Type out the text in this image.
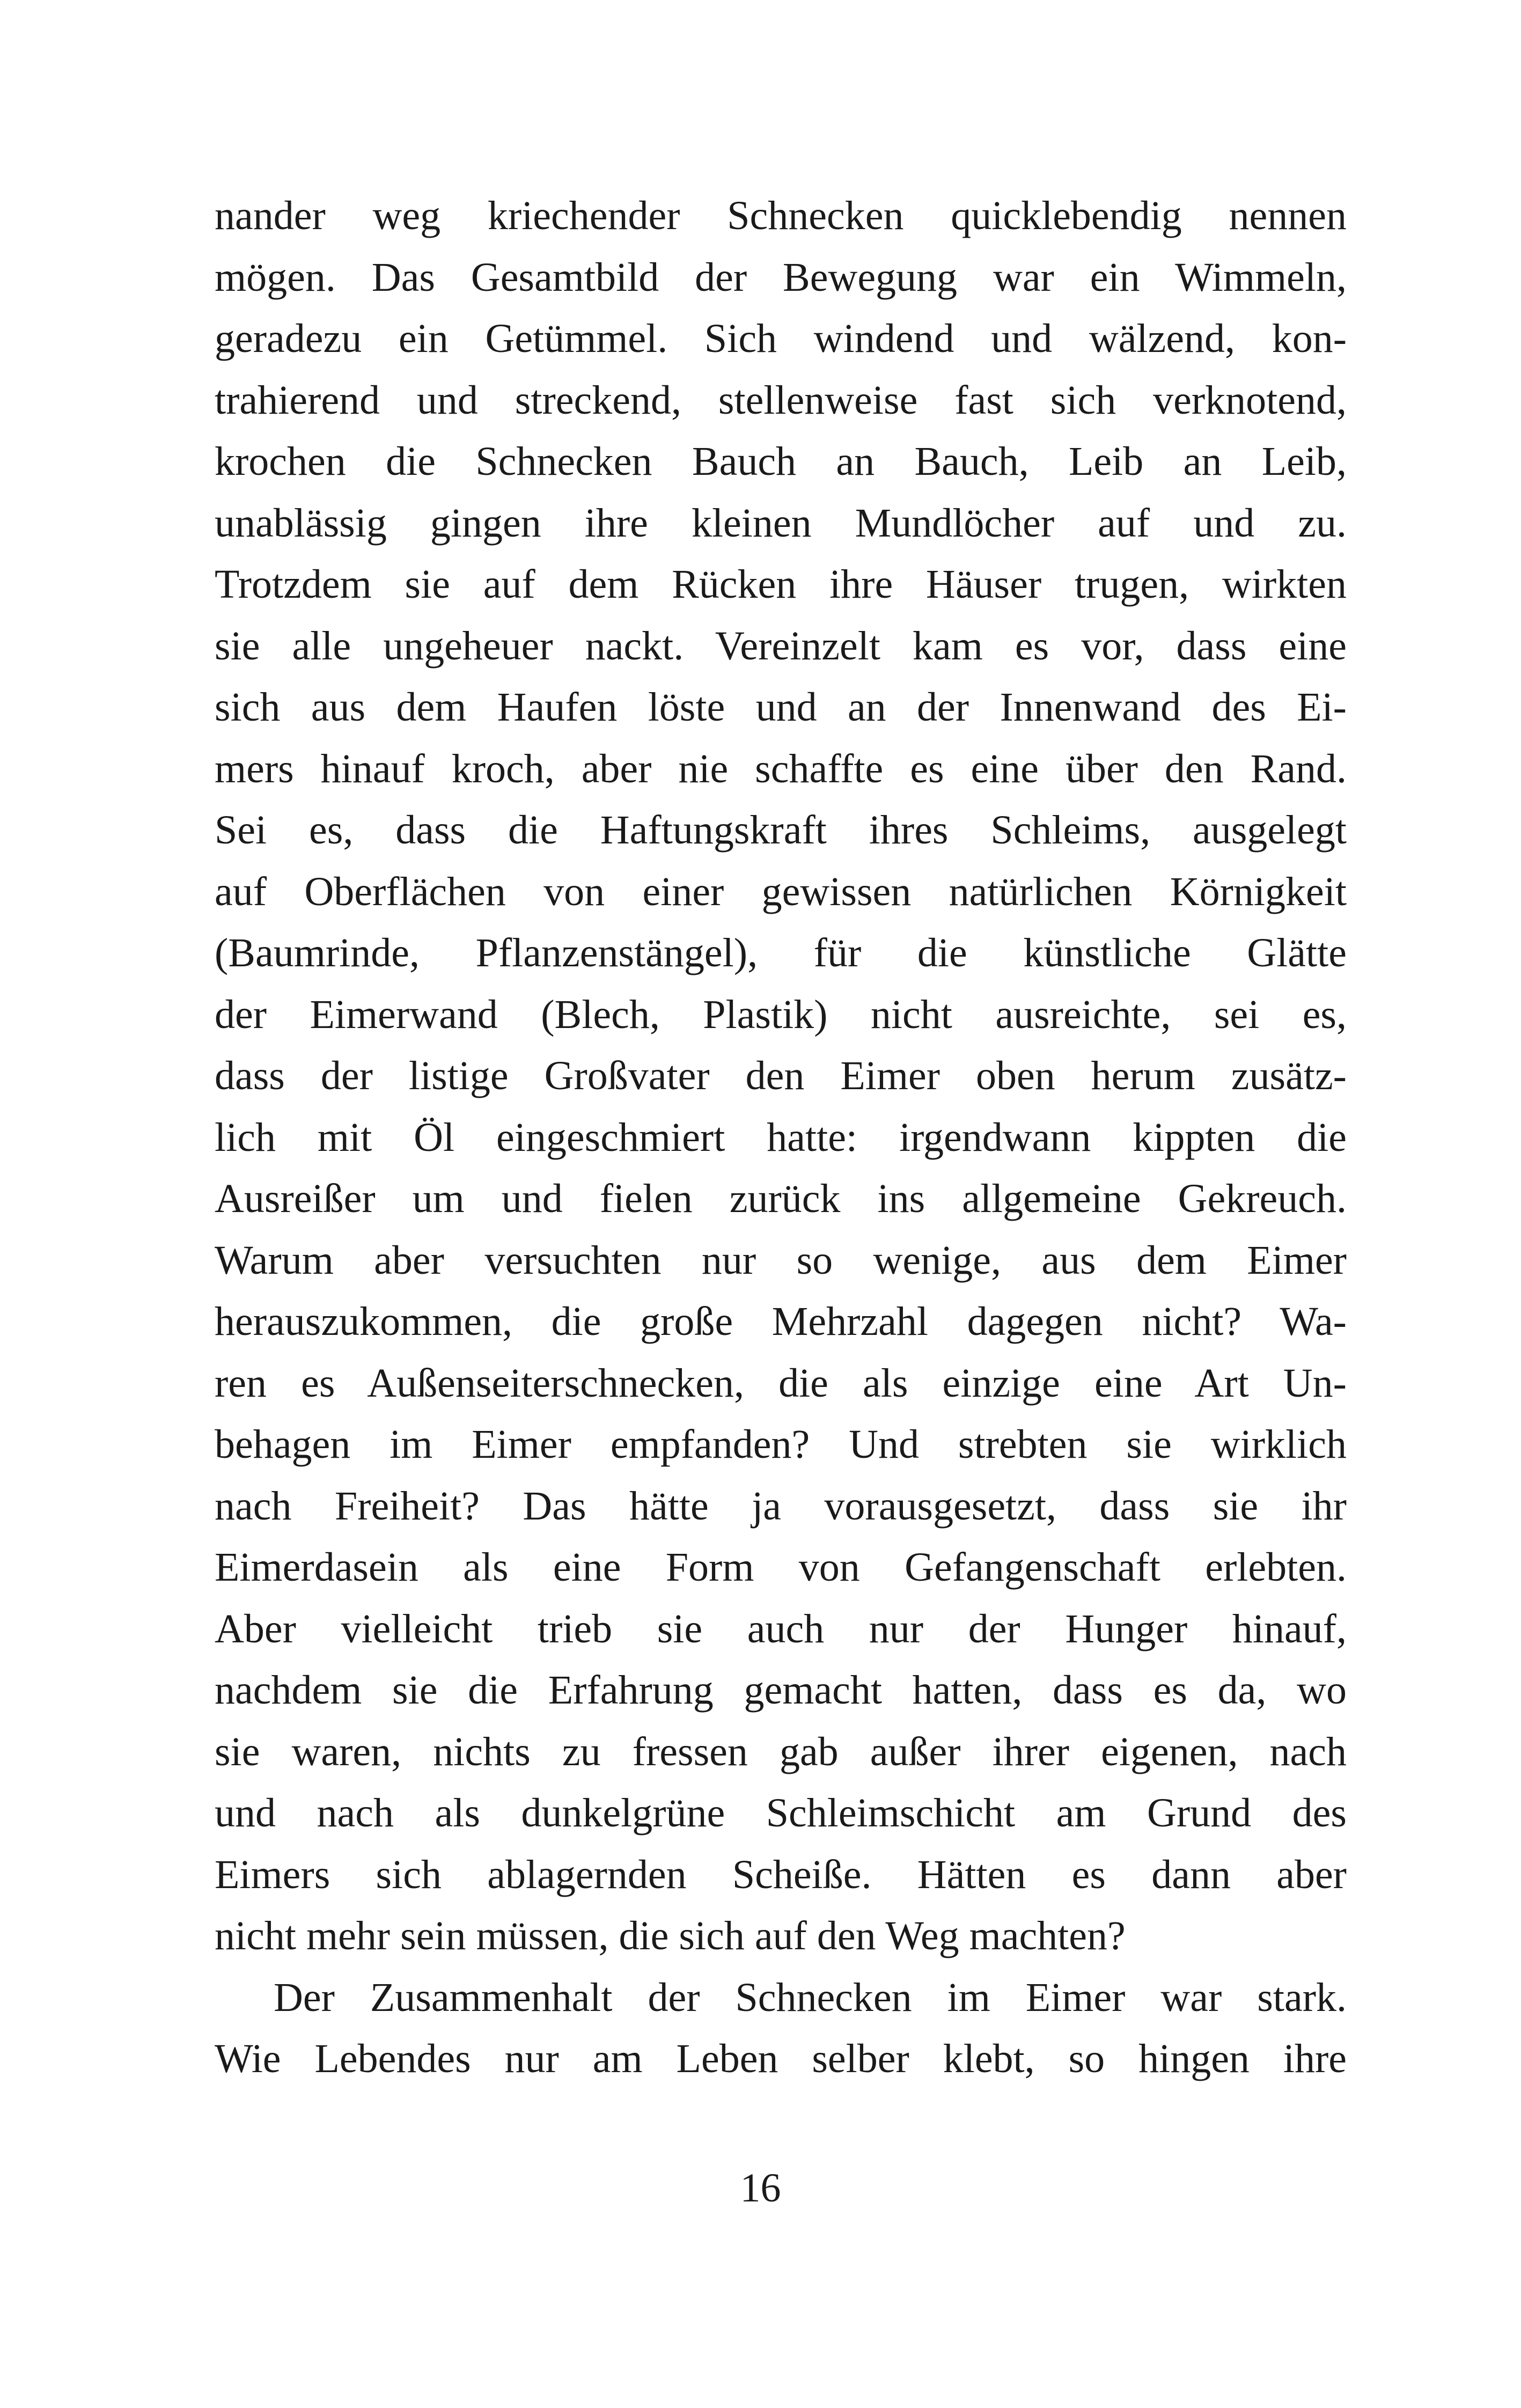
nander weg kriechender Schnecken quicklebendig nennen
mögen. Das Gesamtbild der Bewegung war ein Wimmeln,
geradezu ein Getümmel. Sich windend und wälzend, kon-
trahierend und streckend, stellenweise fast sich verknotend,
krochen die Schnecken Bauch an Bauch, Leib an Leib,
unablässig gingen ihre kleinen Mundlöcher auf und zu.
Trotzdem sie auf dem Rücken ihre Häuser trugen, wirkten
sie alle ungeheuer nackt. Vereinzelt kam es vor, dass eine
sich aus dem Haufen löste und an der Innenwand des Ei-
mers hinauf kroch, aber nie schaffte es eine über den Rand.
Sei es, dass die Haftungskraft ihres Schleims, ausgelegt
auf Oberflächen von einer gewissen natürlichen Körnigkeit
(Baumrinde, Pflanzenstängel), für die künstliche Glätte
der Eimerwand (Blech, Plastik) nicht ausreichte, sei es,
dass der listige Großvater den Eimer oben herum zusätz-
lich mit Öl eingeschmiert hatte: irgendwann kippten die
Ausreißer um und fielen zurück ins allgemeine Gekreuch.
Warum aber versuchten nur so wenige, aus dem Eimer
herauszukommen, die große Mehrzahl dagegen nicht? Wa-
ren es Außenseiterschnecken, die als einzige eine Art Un-
behagen im Eimer empfanden? Und strebten sie wirklich
nach Freiheit? Das hätte ja vorausgesetzt, dass sie ihr
Eimerdasein als eine Form von Gefangenschaft erlebten.
Aber vielleicht trieb sie auch nur der Hunger hinauf,
nachdem sie die Erfahrung gemacht hatten, dass es da, wo
sie waren, nichts zu fressen gab außer ihrer eigenen, nach
und nach als dunkelgrüne Schleimschicht am Grund des
Eimers sich ablagernden Scheiße. Hätten es dann aber
nicht mehr sein müssen, die sich auf den Weg machten?
Der Zusammenhalt der Schnecken im Eimer war stark.
Wie Lebendes nur am Leben selber klebt, so hingen ihre
16
